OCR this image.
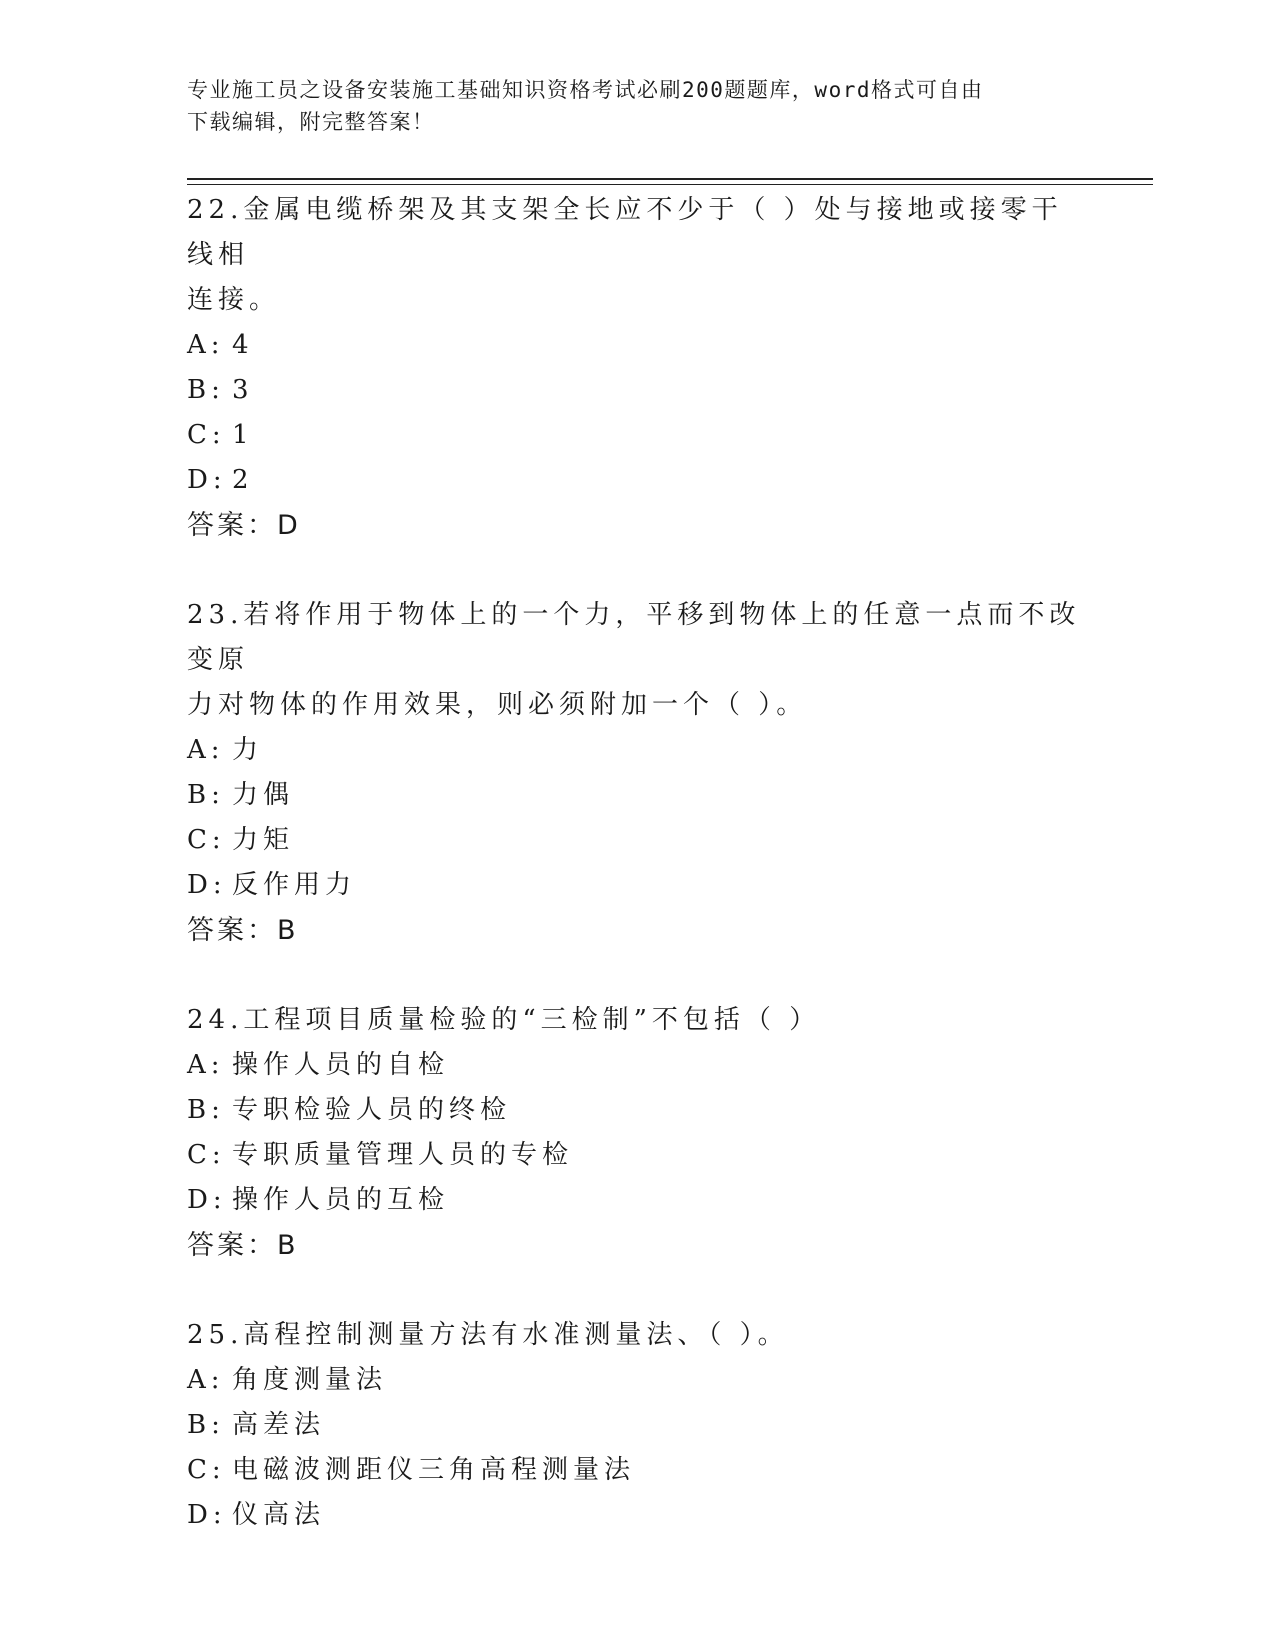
专业施工员之设备安装施工基础知识资格考试必刷200题题库，word格式可自由
下载编辑，附完整答案！

22.金属电缆桥架及其支架全长应不少于（ ）处与接地或接零干线相

连接。

A: 4

B: 3

C: 1

D: 2

答案：D

23.若将作用于物体上的一个力，平移到物体上的任意一点而不改变原

力对物体的作用效果，则必须附加一个（ ）。

A: 力

B: 力偶

C: 力矩

D: 反作用力

答案：B

24.工程项目质量检验的“三检制”不包括（ ）

A: 操作人员的自检

B: 专职检验人员的终检

C: 专职质量管理人员的专检

D: 操作人员的互检

答案：B

25.高程控制测量方法有水准测量法、（ ）。

A: 角度测量法

B: 高差法

C: 电磁波测距仪三角高程测量法

D: 仪高法
